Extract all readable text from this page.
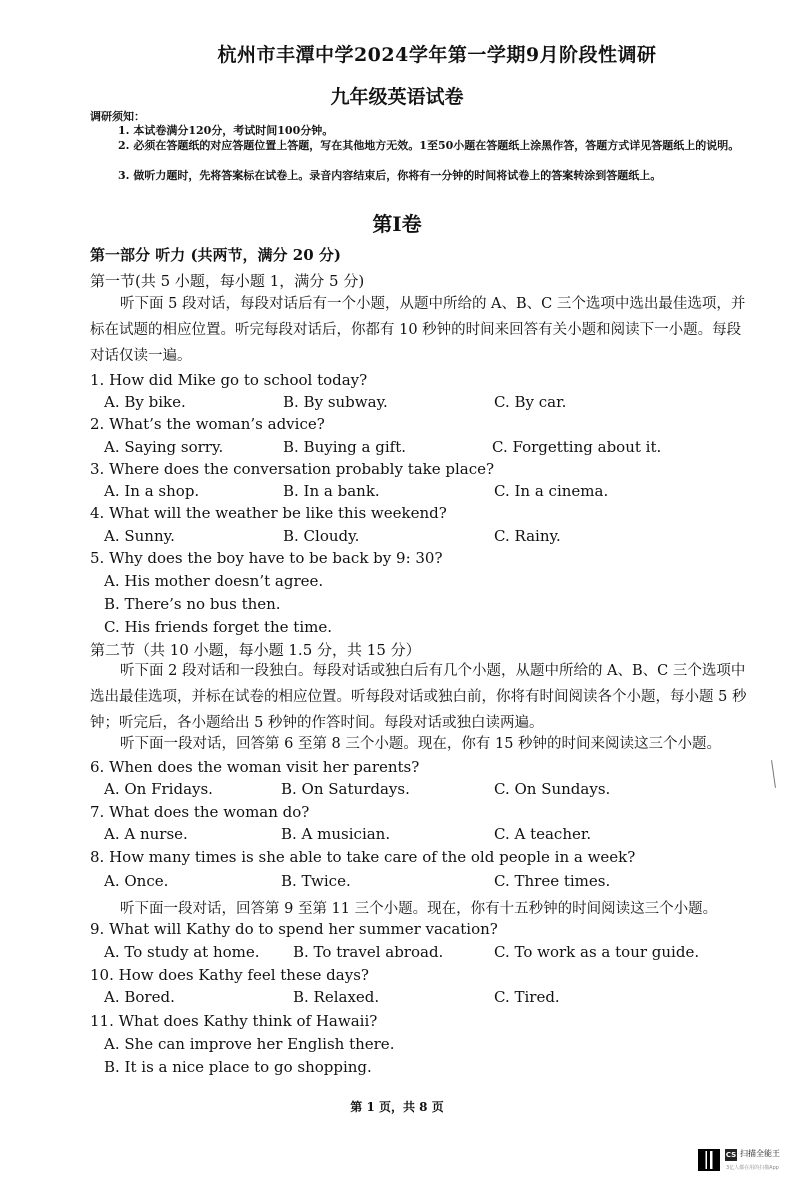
杭州市丰潭中学2024学年第一学期9月阶段性调研
九年级英语试卷
调研须知：
1. 本试卷满分120分，考试时间100分钟。
2. 必须在答题纸的对应答题位置上答题，写在其他地方无效。1至50小题在答题纸上涂黑作答，答题方式详见答题纸上的说明。
3. 做听力题时，先将答案标在试卷上。录音内容结束后，你将有一分钟的时间将试卷上的答案转涂到答题纸上。
第I卷
第一部分 听力 (共两节，满分 20 分)
第一节(共 5 小题，每小题 1，满分 5 分)
听下面 5 段对话，每段对话后有一个小题，从题中所给的 A、B、C 三个选项中选出最佳选项，并标在试题的相应位置。听完每段对话后，你都有 10 秒钟的时间来回答有关小题和阅读下一小题。每段对话仅读一遍。
1. How did Mike go to school today?
A. By bike.	B. By subway.	C. By car.
2. What’s the woman’s advice?
A. Saying sorry.	B. Buying a gift.	C. Forgetting about it.
3. Where does the conversation probably take place?
A. In a shop.	B. In a bank.	C. In a cinema.
4. What will the weather be like this weekend?
A. Sunny.	B. Cloudy.	C. Rainy.
5. Why does the boy have to be back by 9: 30?
A. His mother doesn’t agree.
B. There’s no bus then.
C. His friends forget the time.
第二节（共 10 小题，每小题 1.5 分，共 15 分）
听下面 2 段对话和一段独白。每段对话或独白后有几个小题，从题中所给的 A、B、C 三个选项中选出最佳选项，并标在试卷的相应位置。听每段对话或独白前，你将有时间阅读各个小题，每小题 5 秒钟；听完后，各小题给出 5 秒钟的作答时间。每段对话或独白读两遍。
听下面一段对话，回答第 6 至第 8 三个小题。现在，你有 15 秒钟的时间来阅读这三个小题。
6. When does the woman visit her parents?
A. On Fridays.	B. On Saturdays.	C. On Sundays.
7. What does the woman do?
A. A nurse.	B. A musician.	C. A teacher.
8. How many times is she able to take care of the old people in a week?
A. Once.	B. Twice.	C. Three times.
听下面一段对话，回答第 9 至第 11 三个小题。现在，你有十五秒钟的时间阅读这三个小题。
9. What will Kathy do to spend her summer vacation?
A. To study at home. B. To travel abroad.	C. To work as a tour guide.
10. How does Kathy feel these days?
A. Bored.	B. Relaxed.	C. Tired.
11. What does Kathy think of Hawaii?
A. She can improve her English there.
B. It is a nice place to go shopping.
第 1 页，共 8 页
CS 扫描全能王
3亿人都在用的扫描App
